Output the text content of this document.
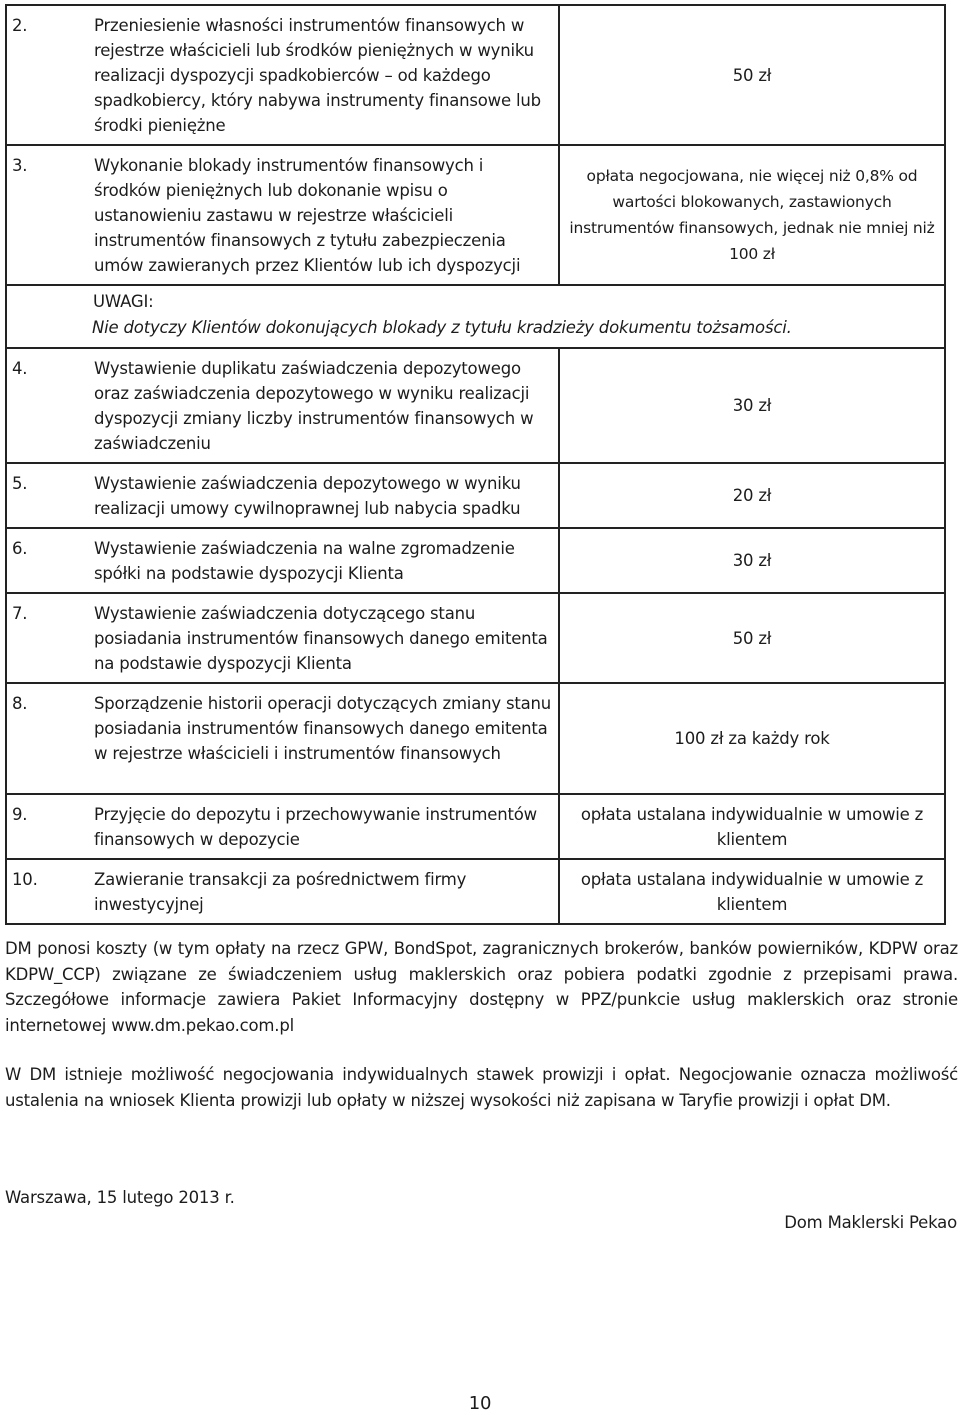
2.	Przeniesienie własności instrumentów finansowych w rejestrze właścicieli lub środków pieniężnych w wyniku realizacji dyspozycji spadkobierców – od każdego spadkobiercy, który nabywa instrumenty finansowe lub środki pieniężne	50 zł
3.	Wykonanie blokady instrumentów finansowych i środków pieniężnych lub dokonanie wpisu o ustanowieniu zastawu w rejestrze właścicieli instrumentów finansowych z tytułu zabezpieczenia umów zawieranych przez Klientów lub ich dyspozycji	opłata negocjowana, nie więcej niż 0,8% od wartości blokowanych, zastawionych instrumentów finansowych, jednak nie mniej niż 100 zł

UWAGI:
Nie dotyczy Klientów dokonujących blokady z tytułu kradzieży dokumentu tożsamości.		

4.	Wystawienie duplikatu zaświadczenia depozytowego oraz zaświadczenia depozytowego w wyniku realizacji dyspozycji zmiany liczby instrumentów finansowych w zaświadczeniu	30 zł
5.	Wystawienie zaświadczenia depozytowego w wyniku realizacji umowy cywilnoprawnej lub nabycia spadku	20 zł
6.	Wystawienie zaświadczenia na walne zgromadzenie spółki na podstawie dyspozycji Klienta	30 zł
7.	Wystawienie zaświadczenia dotyczącego stanu posiadania instrumentów finansowych danego emitenta na podstawie dyspozycji Klienta	50 zł
8.	Sporządzenie historii operacji dotyczących zmiany stanu posiadania instrumentów finansowych danego emitenta w rejestrze właścicieli i instrumentów finansowych	100 zł za każdy rok
9.	Przyjęcie do depozytu i przechowywanie instrumentów finansowych w depozycie	opłata ustalana indywidualnie w umowie z klientem
10.	Zawieranie transakcji za pośrednictwem firmy inwestycyjnej	opłata ustalana indywidualnie w umowie z klientem

DM ponosi koszty (w tym opłaty na rzecz GPW, BondSpot, zagranicznych brokerów, banków powierników, KDPW oraz KDPW_CCP) związane ze świadczeniem usług maklerskich oraz pobiera podatki zgodnie z przepisami prawa. Szczegółowe informacje zawiera Pakiet Informacyjny dostępny w PPZ/punkcie usług maklerskich oraz stronie internetowej www.dm.pekao.com.pl

W DM istnieje możliwość negocjowania indywidualnych stawek prowizji i opłat. Negocjowanie oznacza możliwość ustalenia na wniosek Klienta prowizji lub opłaty w niższej wysokości niż zapisana w Taryfie prowizji i opłat DM.

Warszawa, 15 lutego 2013 r.
Dom Maklerski Pekao
10
